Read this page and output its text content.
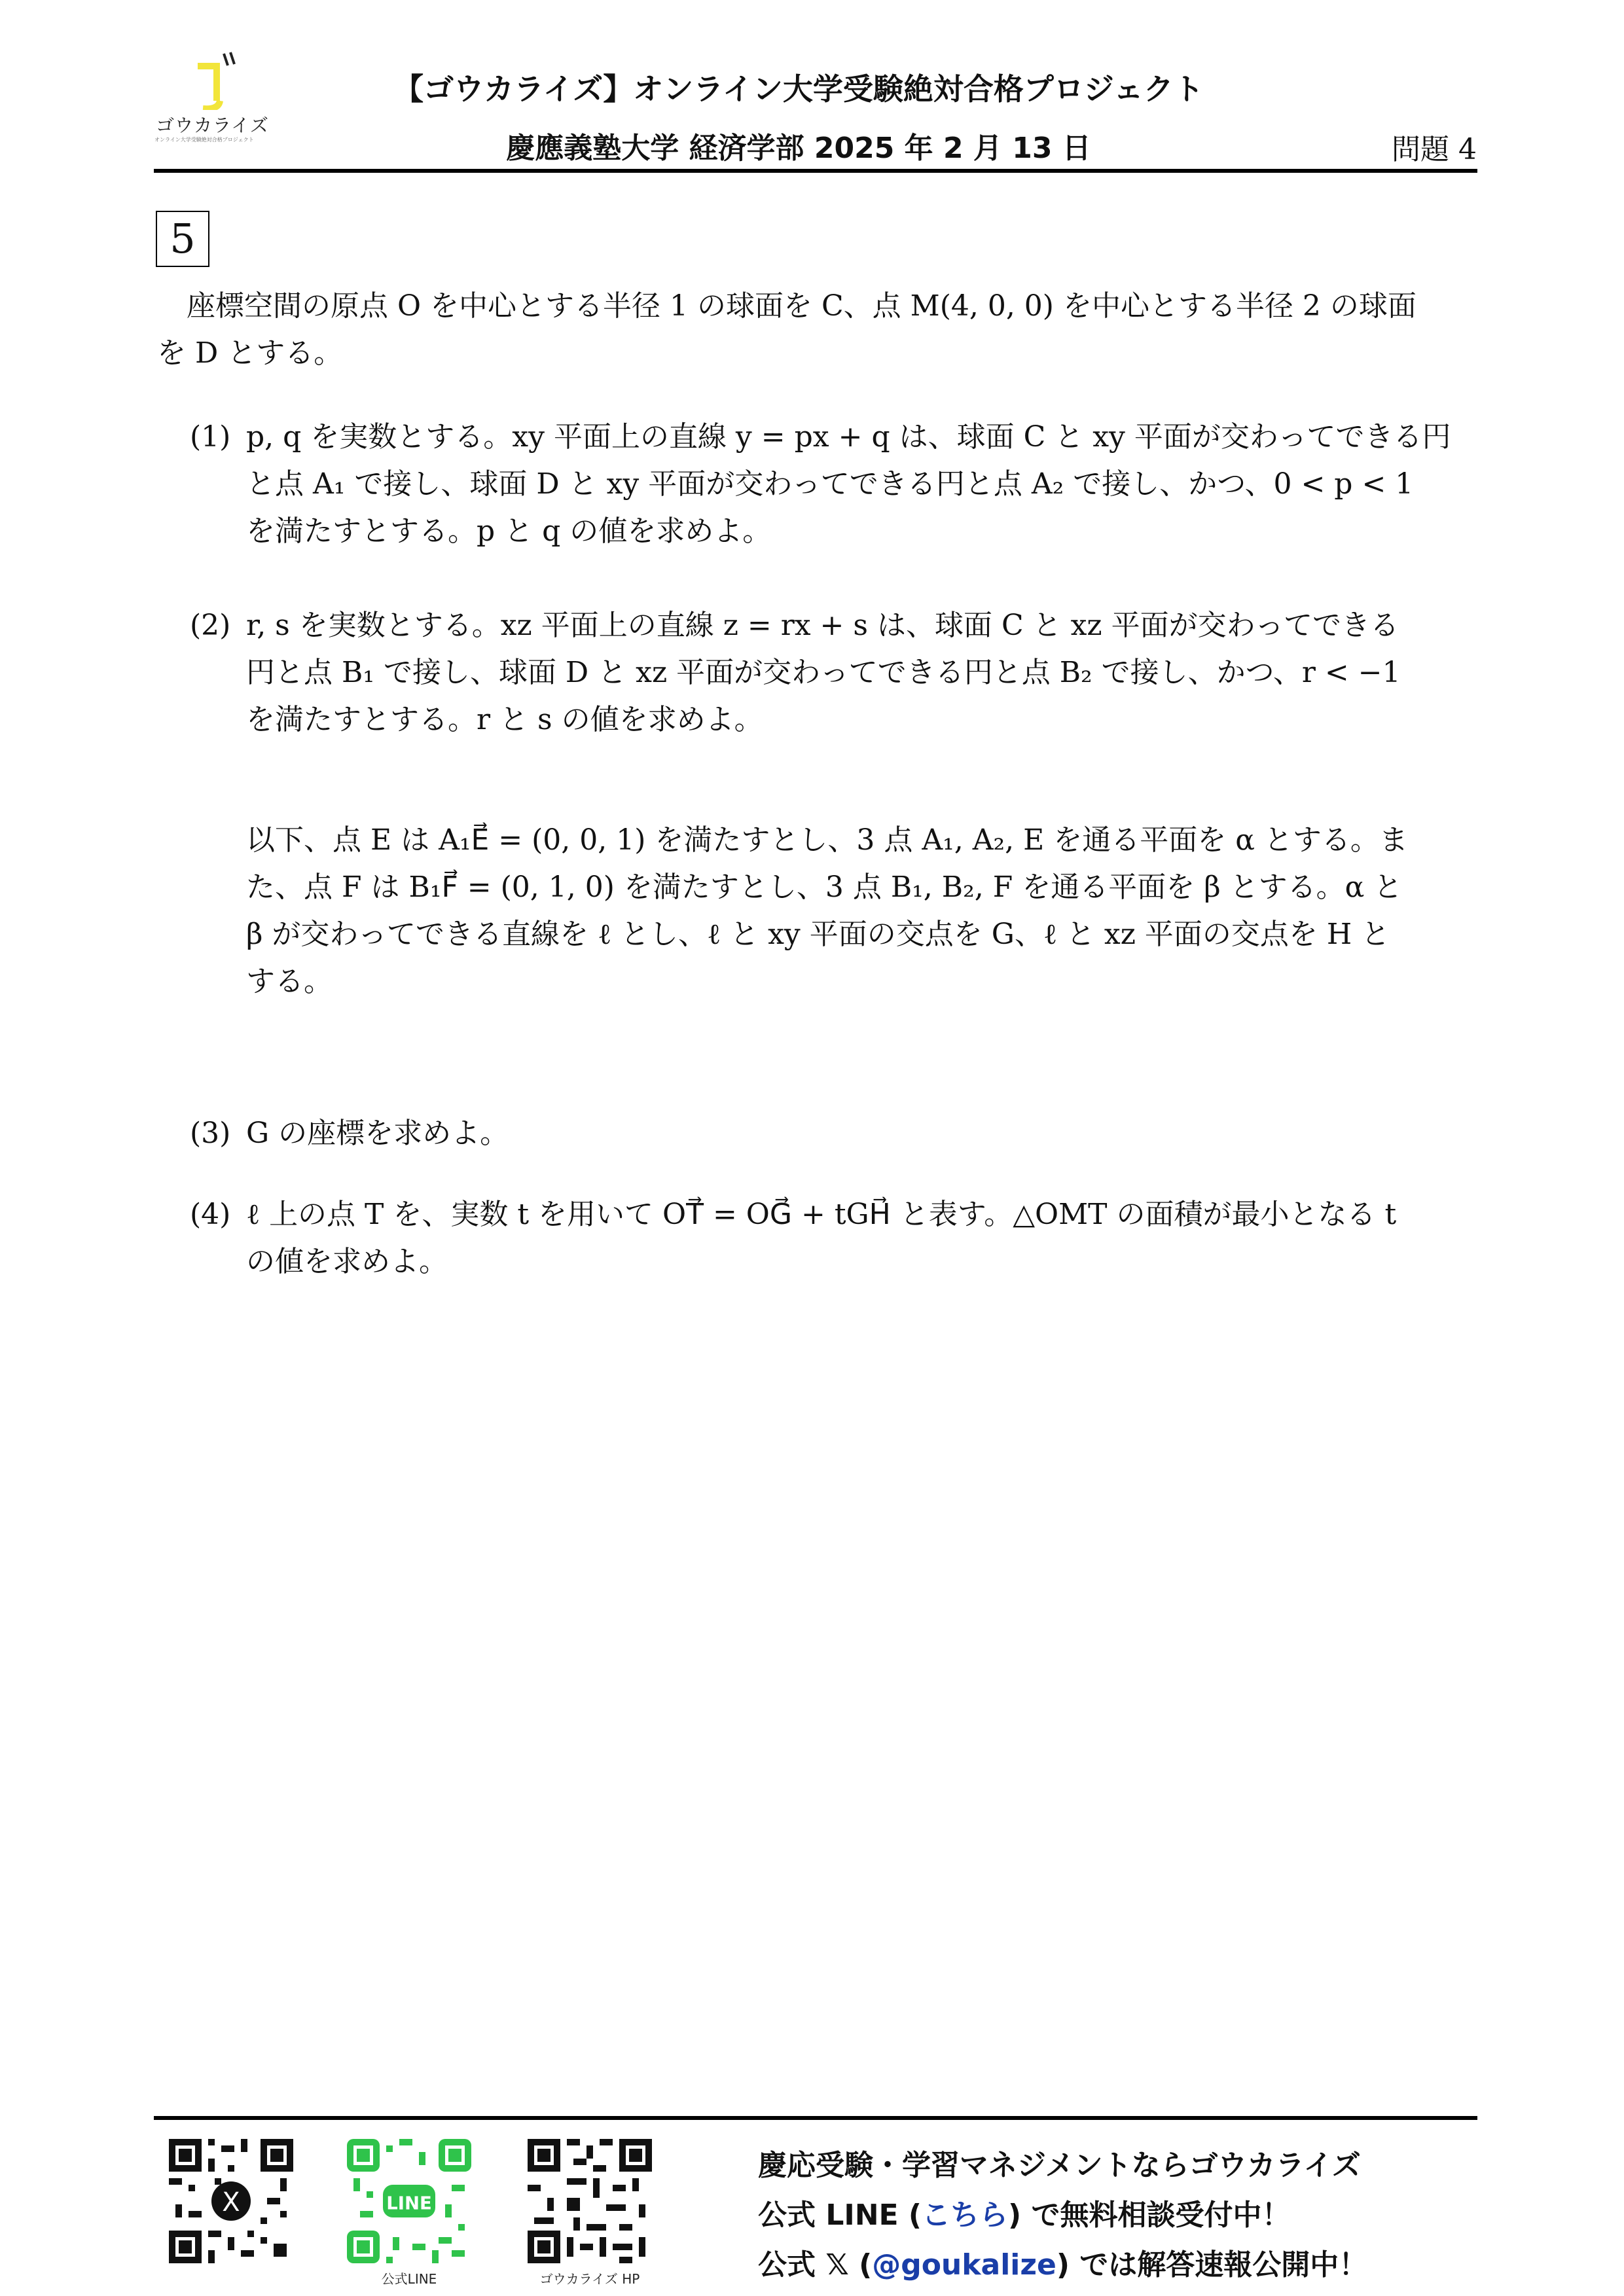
ゴウカライズ
オンライン大学受験絶対合格プロジェクト
【ゴウカライズ】オンライン大学受験絶対合格プロジェクト
慶應義塾大学 経済学部 2025 年 2 月 13 日	問題 4
5
座標空間の原点 O を中心とする半径 1 の球面を C、点 M(4, 0, 0) を中心とする半径 2 の球面
を D とする。
(1) p, q を実数とする。xy 平面上の直線 y = px + q は、球面 C と xy 平面が交わってできる円
と点 A₁ で接し、球面 D と xy 平面が交わってできる円と点 A₂ で接し、かつ、0 < p < 1
を満たすとする。p と q の値を求めよ。
(2) r, s を実数とする。xz 平面上の直線 z = rx + s は、球面 C と xz 平面が交わってできる
円と点 B₁ で接し、球面 D と xz 平面が交わってできる円と点 B₂ で接し、かつ、r < −1
を満たすとする。r と s の値を求めよ。
以下、点 E は A₁E⃗ = (0, 0, 1) を満たすとし、3 点 A₁, A₂, E を通る平面を α とする。ま
た、点 F は B₁F⃗ = (0, 1, 0) を満たすとし、3 点 B₁, B₂, F を通る平面を β とする。α と
β が交わってできる直線を ℓ とし、ℓ と xy 平面の交点を G、ℓ と xz 平面の交点を H と
する。
(3) G の座標を求めよ。
(4) ℓ 上の点 T を、実数 t を用いて OT⃗ = OG⃗ + tGH⃗ と表す。△OMT の面積が最小となる t
の値を求めよ。
X	LINE
公式LINE	ゴウカライズ HP
慶応受験・学習マネジメントならゴウカライズ
公式 LINE (こちら) で無料相談受付中！
公式 𝕏 (@goukalize) では解答速報公開中！
